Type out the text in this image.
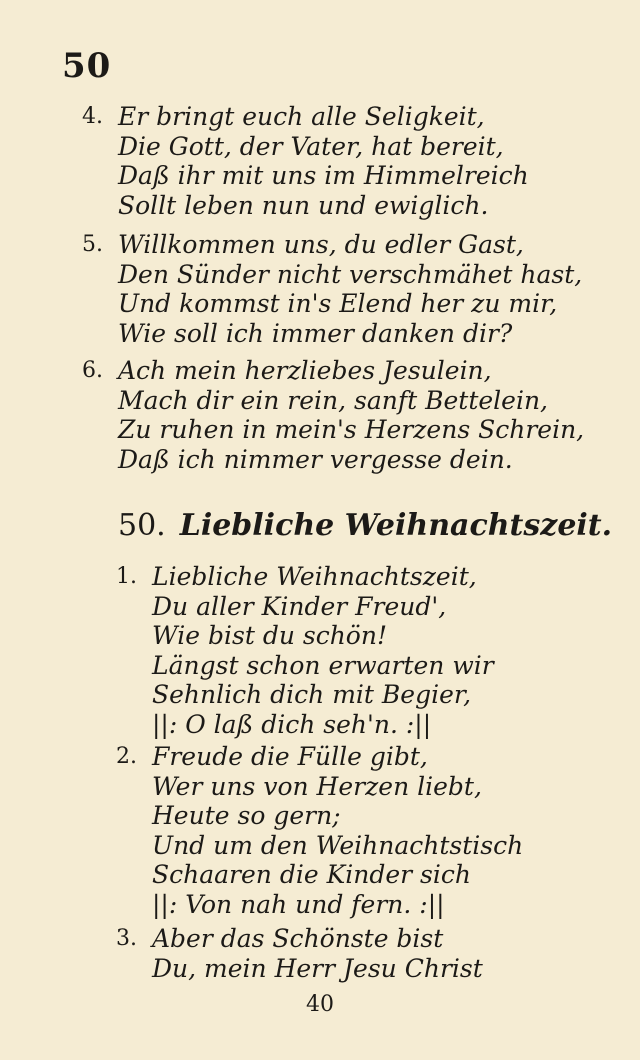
50
4. Er bringt euch alle Seligkeit,
Die Gott, der Vater, hat bereit,
Daß ihr mit uns im Himmelreich
Sollt leben nun und ewiglich.
5. Willkommen uns, du edler Gast,
Den Sünder nicht verschmähet hast,
Und kommst in's Elend her zu mir,
Wie soll ich immer danken dir?
6. Ach mein herzliebes Jesulein,
Mach dir ein rein, sanft Bettelein,
Zu ruhen in mein's Herzens Schrein,
Daß ich nimmer vergesse dein.
50. Liebliche Weihnachtszeit.
1. Liebliche Weihnachtszeit,
Du aller Kinder Freud',
Wie bist du schön!
Längst schon erwarten wir
Sehnlich dich mit Begier,
||: O laß dich seh'n. :||
2. Freude die Fülle gibt,
Wer uns von Herzen liebt,
Heute so gern;
Und um den Weihnachtstisch
Schaaren die Kinder sich
||: Von nah und fern. :||
3. Aber das Schönste bist
Du, mein Herr Jesu Christ
40
